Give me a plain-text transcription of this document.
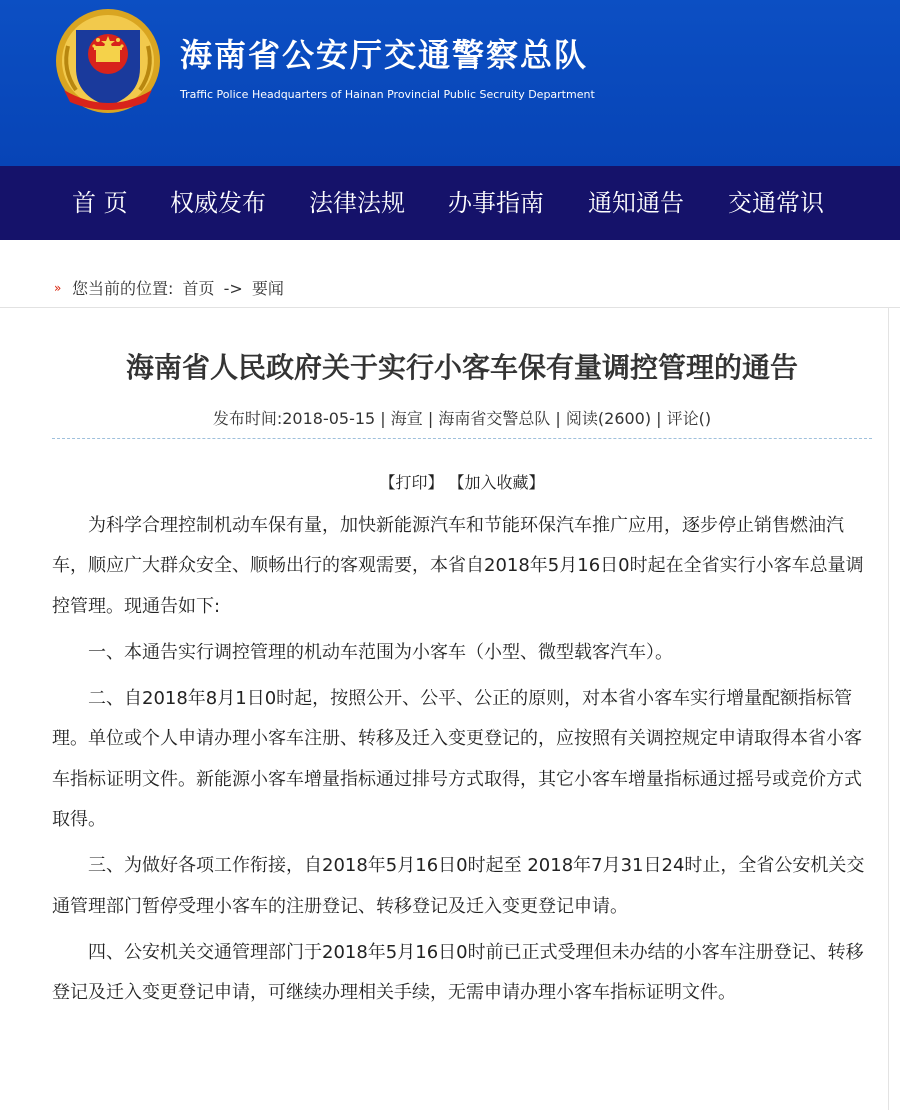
海南省公安厅交通警察总队
Traffic Police Headquarters of Hainan Provincial Public Secruity Department
首 页 权威发布 法律法规 办事指南 通知通告 交通常识
» 您当前的位置: 首页 -> 要闻
海南省人民政府关于实行小客车保有量调控管理的通告
发布时间:2018-05-15 | 海宣 | 海南省交警总队 | 阅读(2600) | 评论()
【打印】 【加入收藏】

为科学合理控制机动车保有量，加快新能源汽车和节能环保汽车推广应用，逐步停止销售燃油汽车，顺应广大群众安全、顺畅出行的客观需要，本省自2018年5月16日0时起在全省实行小客车总量调控管理。现通告如下:

一、本通告实行调控管理的机动车范围为小客车（小型、微型载客汽车）。

二、自2018年8月1日0时起，按照公开、公平、公正的原则，对本省小客车实行增量配额指标管理。单位或个人申请办理小客车注册、转移及迁入变更登记的，应按照有关调控规定申请取得本省小客车指标证明文件。新能源小客车增量指标通过排号方式取得，其它小客车增量指标通过摇号或竞价方式取得。

三、为做好各项工作衔接，自2018年5月16日0时起至 2018年7月31日24时止，全省公安机关交通管理部门暂停受理小客车的注册登记、转移登记及迁入变更登记申请。

四、公安机关交通管理部门于2018年5月16日0时前已正式受理但未办结的小客车注册登记、转移登记及迁入变更登记申请，可继续办理相关手续，无需申请办理小客车指标证明文件。
